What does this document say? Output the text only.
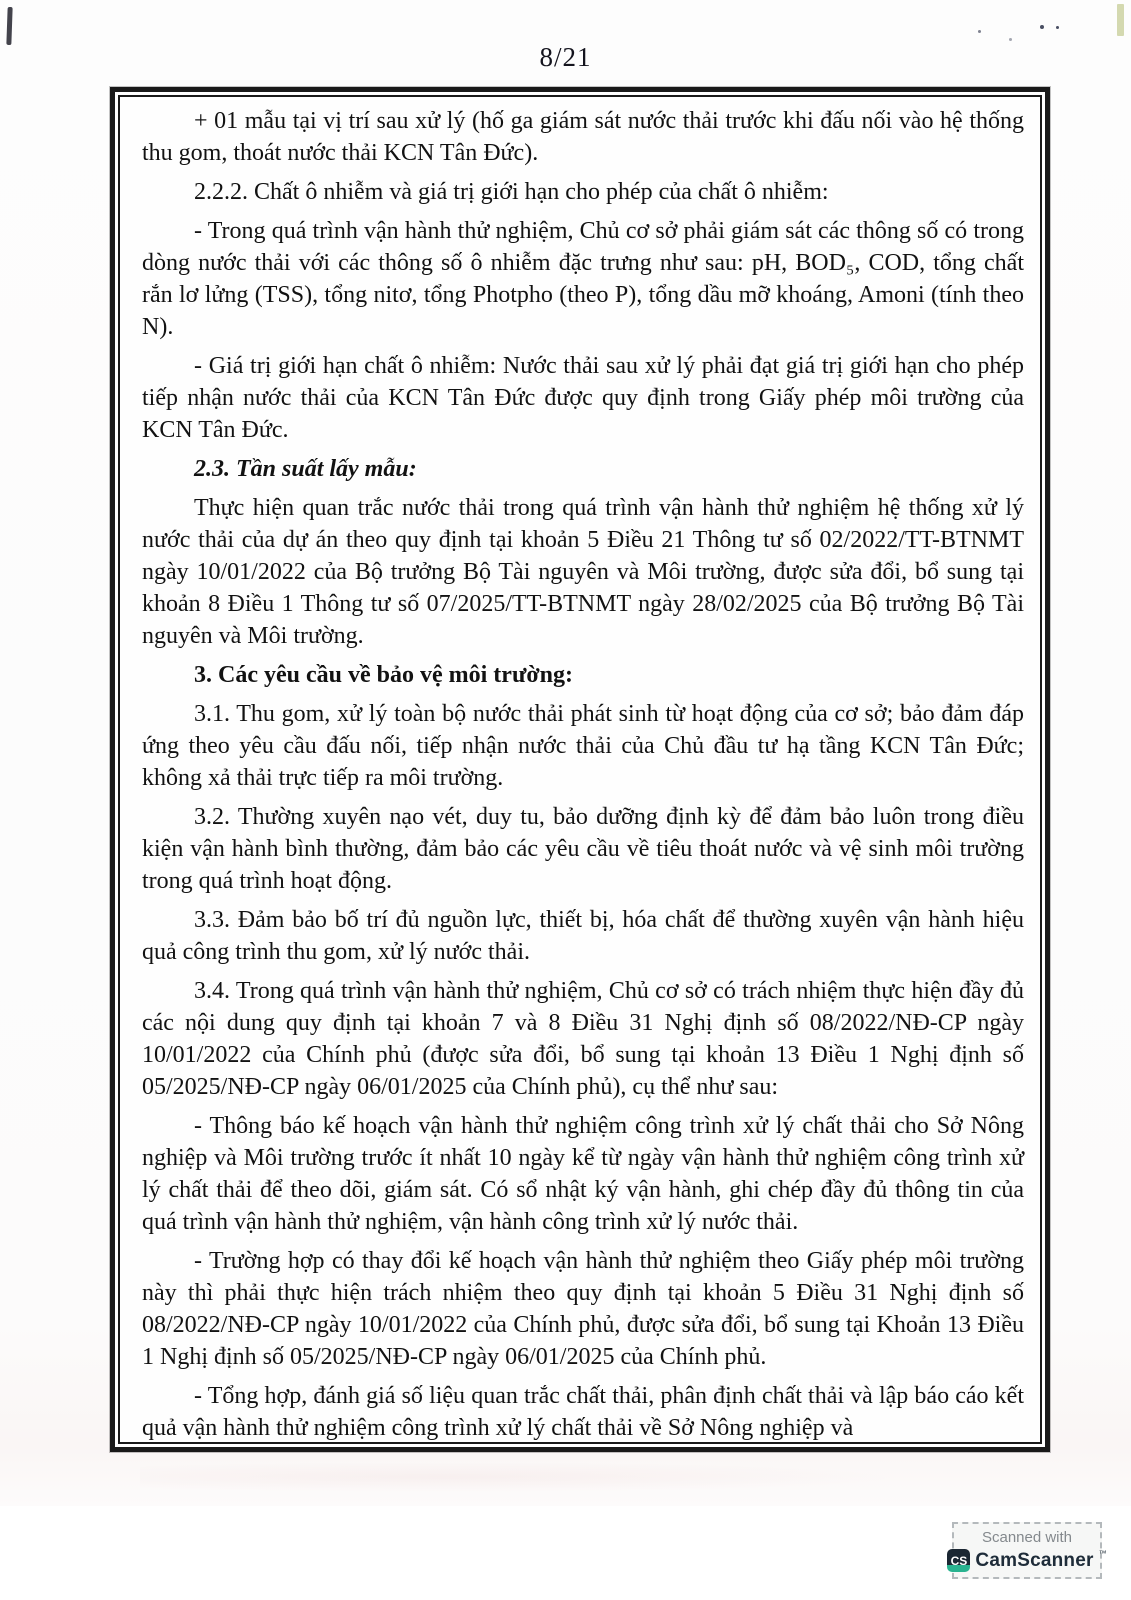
8/21

+ 01 mẫu tại vị trí sau xử lý (hố ga giám sát nước thải trước khi đấu nối vào hệ thống thu gom, thoát nước thải KCN Tân Đức).

2.2.2. Chất ô nhiễm và giá trị giới hạn cho phép của chất ô nhiễm:

- Trong quá trình vận hành thử nghiệm, Chủ cơ sở phải giám sát các thông số có trong dòng nước thải với các thông số ô nhiễm đặc trưng như sau: pH, BOD₅, COD, tổng chất rắn lơ lửng (TSS), tổng nitơ, tổng Photpho (theo P), tổng dầu mỡ khoáng, Amoni (tính theo N).

- Giá trị giới hạn chất ô nhiễm: Nước thải sau xử lý phải đạt giá trị giới hạn cho phép tiếp nhận nước thải của KCN Tân Đức được quy định trong Giấy phép môi trường của KCN Tân Đức.

2.3. Tần suất lấy mẫu:

Thực hiện quan trắc nước thải trong quá trình vận hành thử nghiệm hệ thống xử lý nước thải của dự án theo quy định tại khoản 5 Điều 21 Thông tư số 02/2022/TT-BTNMT ngày 10/01/2022 của Bộ trưởng Bộ Tài nguyên và Môi trường, được sửa đổi, bổ sung tại khoản 8 Điều 1 Thông tư số 07/2025/TT-BTNMT ngày 28/02/2025 của Bộ trưởng Bộ Tài nguyên và Môi trường.

3. Các yêu cầu về bảo vệ môi trường:

3.1. Thu gom, xử lý toàn bộ nước thải phát sinh từ hoạt động của cơ sở; bảo đảm đáp ứng theo yêu cầu đấu nối, tiếp nhận nước thải của Chủ đầu tư hạ tầng KCN Tân Đức; không xả thải trực tiếp ra môi trường.

3.2. Thường xuyên nạo vét, duy tu, bảo dưỡng định kỳ để đảm bảo luôn trong điều kiện vận hành bình thường, đảm bảo các yêu cầu về tiêu thoát nước và vệ sinh môi trường trong quá trình hoạt động.

3.3. Đảm bảo bố trí đủ nguồn lực, thiết bị, hóa chất để thường xuyên vận hành hiệu quả công trình thu gom, xử lý nước thải.

3.4. Trong quá trình vận hành thử nghiệm, Chủ cơ sở có trách nhiệm thực hiện đầy đủ các nội dung quy định tại khoản 7 và 8 Điều 31 Nghị định số 08/2022/NĐ-CP ngày 10/01/2022 của Chính phủ (được sửa đổi, bổ sung tại khoản 13 Điều 1 Nghị định số 05/2025/NĐ-CP ngày 06/01/2025 của Chính phủ), cụ thể như sau:

- Thông báo kế hoạch vận hành thử nghiệm công trình xử lý chất thải cho Sở Nông nghiệp và Môi trường trước ít nhất 10 ngày kể từ ngày vận hành thử nghiệm công trình xử lý chất thải để theo dõi, giám sát. Có sổ nhật ký vận hành, ghi chép đầy đủ thông tin của quá trình vận hành thử nghiệm, vận hành công trình xử lý nước thải.

- Trường hợp có thay đổi kế hoạch vận hành thử nghiệm theo Giấy phép môi trường này thì phải thực hiện trách nhiệm theo quy định tại khoản 5 Điều 31 Nghị định số 08/2022/NĐ-CP ngày 10/01/2022 của Chính phủ, được sửa đổi, bổ sung tại Khoản 13 Điều 1 Nghị định số 05/2025/NĐ-CP ngày 06/01/2025 của Chính phủ.

- Tổng hợp, đánh giá số liệu quan trắc chất thải, phân định chất thải và lập báo cáo kết quả vận hành thử nghiệm công trình xử lý chất thải về Sở Nông nghiệp và

Scanned with
CS CamScanner ™
